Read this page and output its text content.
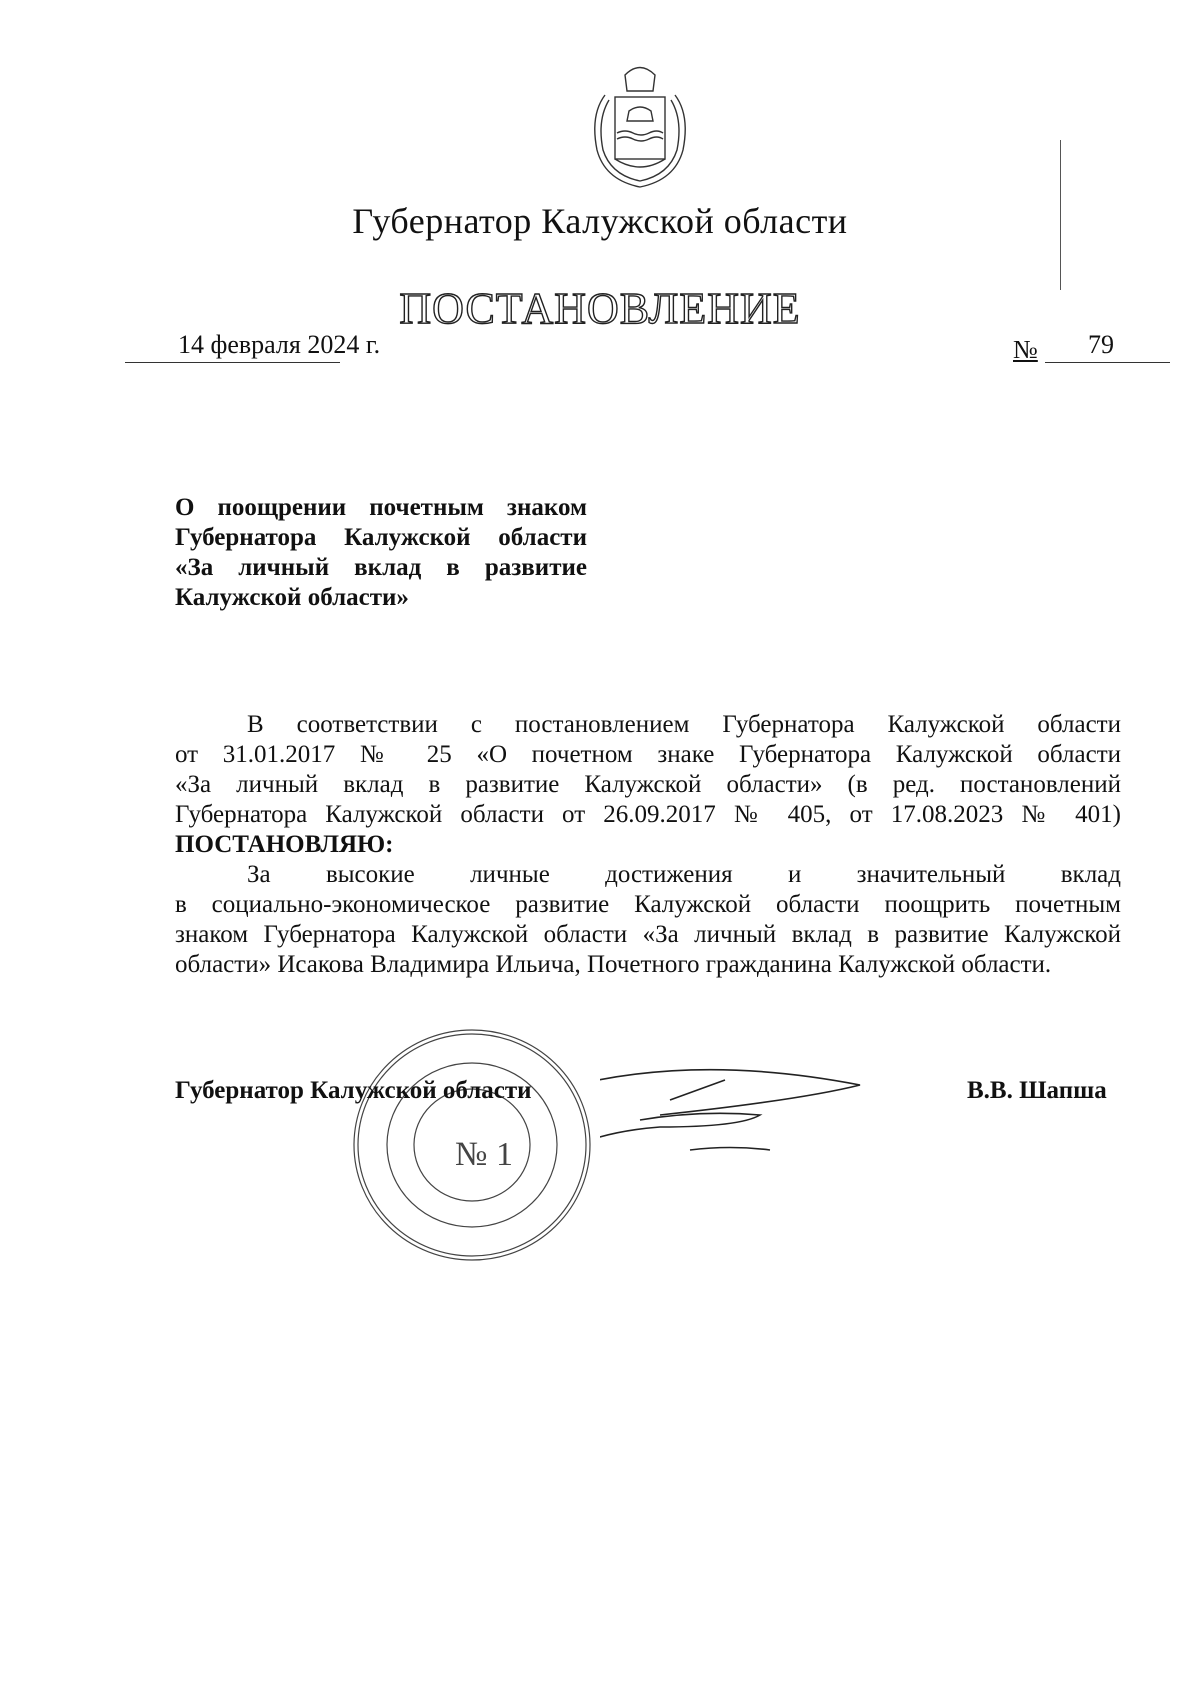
Губернатор Калужской области
ПОСТАНОВЛЕНИЕ
14 февраля 2024 г.	№ 79
О поощрении почетным знаком
Губернатора Калужской области
«За личный вклад в развитие
Калужской области»
В соответствии с постановлением Губернатора Калужской области
от 31.01.2017 № 25 «О почетном знаке Губернатора Калужской области
«За личный вклад в развитие Калужской области» (в ред. постановлений
Губернатора Калужской области от 26.09.2017 № 405, от 17.08.2023 № 401)
ПОСТАНОВЛЯЮ:
За высокие личные достижения и значительный вклад
в социально-экономическое развитие Калужской области поощрить почетным
знаком Губернатора Калужской области «За личный вклад в развитие Калужской
области» Исакова Владимира Ильича, Почетного гражданина Калужской области.
№ 1
Губернатор Калужской области	В.В. Шапша
